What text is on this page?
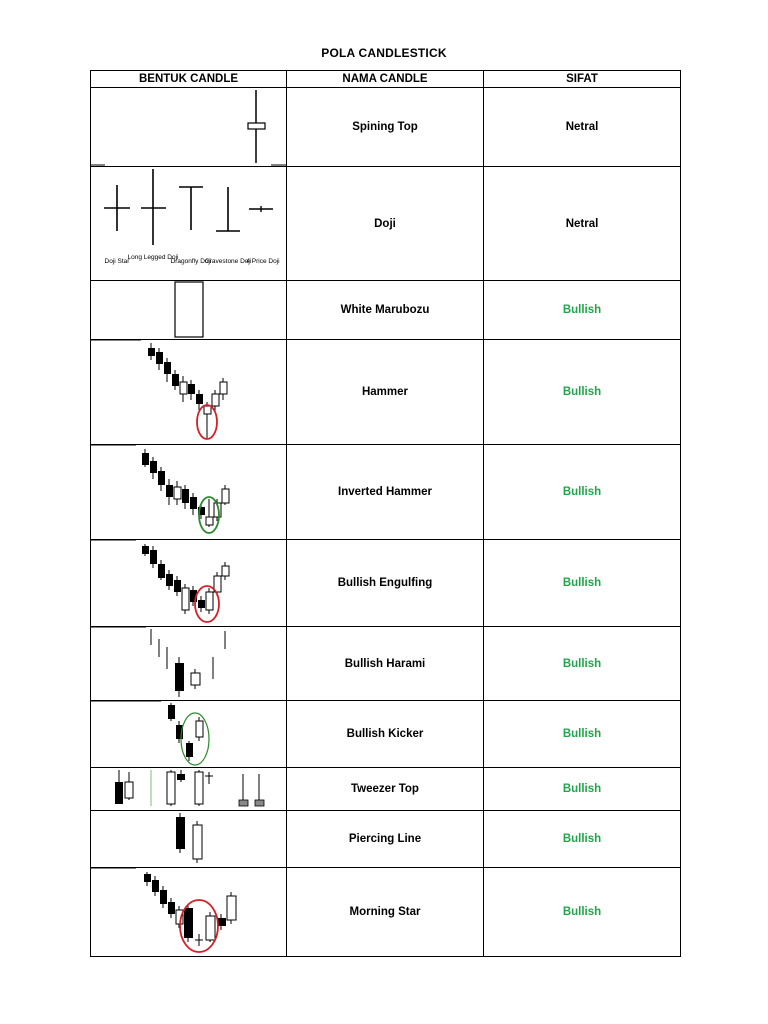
POLA CANDLESTICK
BENTUK CANDLE	NAMA CANDLE	SIFAT

	Spining Top	Netral

Doji Star
Long Legged Doji
Dragonfly Doji
Gravestone Doji
4 Price Doji	Doji	Netral

	White Marubozu	Bullish

	Hammer	Bullish

	Inverted Hammer	Bullish

	Bullish Engulfing	Bullish

	Bullish Harami	Bullish

	Bullish Kicker	Bullish

	Tweezer Top	Bullish

	Piercing Line	Bullish

	Morning Star	Bullish
